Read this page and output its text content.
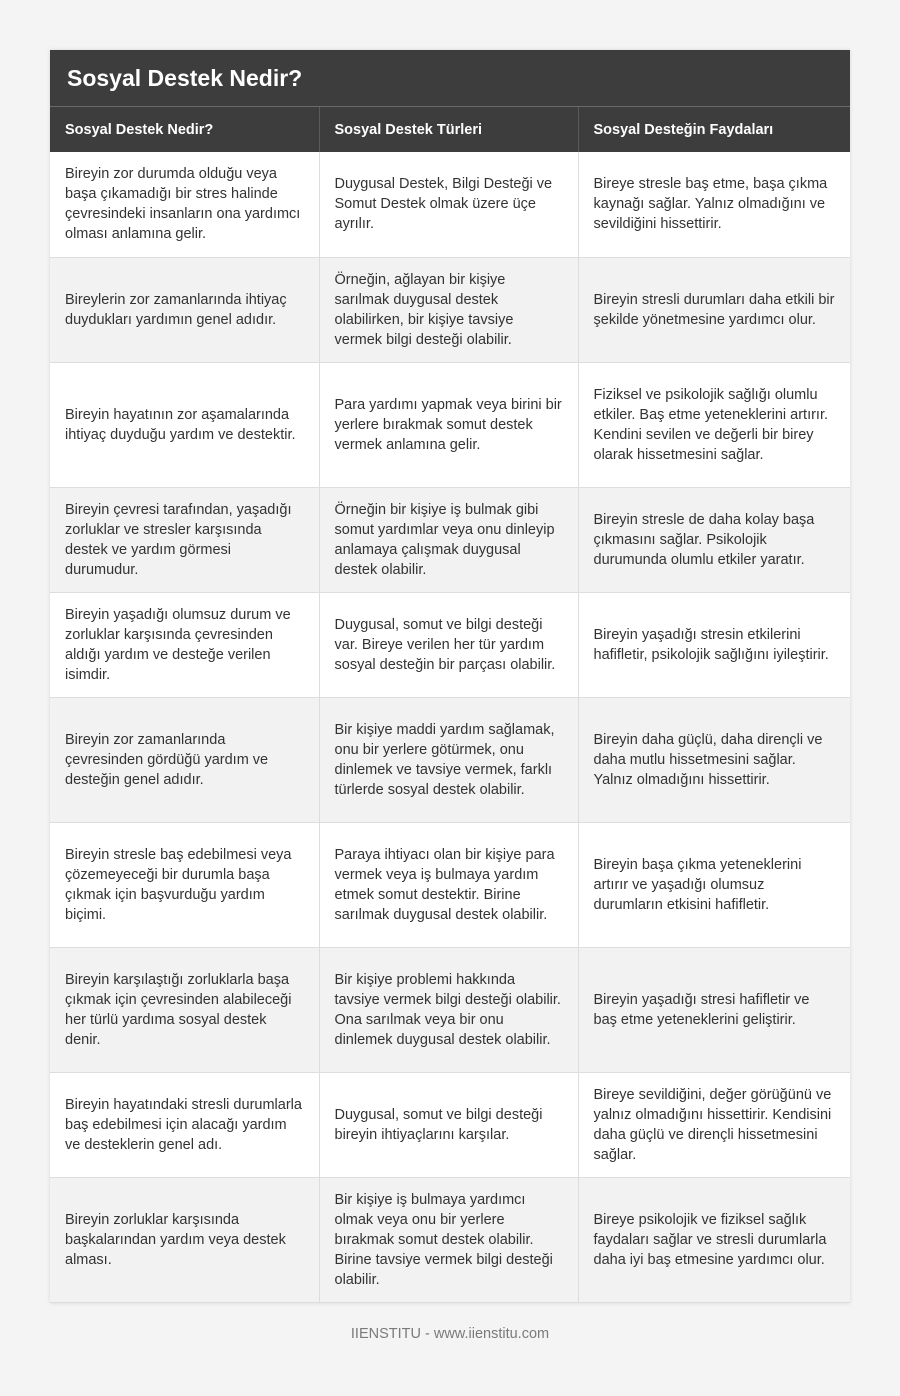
Sosyal Destek Nedir?
Sosyal Destek Nedir?	Sosyal Destek Türleri	Sosyal Desteğin Faydaları
Bireyin zor durumda olduğu veya başa çıkamadığı bir stres halinde çevresindeki insanların ona yardımcı olması anlamına gelir.	Duygusal Destek, Bilgi Desteği ve Somut Destek olmak üzere üçe ayrılır.	Bireye stresle baş etme, başa çıkma kaynağı sağlar. Yalnız olmadığını ve sevildiğini hissettirir.
Bireylerin zor zamanlarında ihtiyaç duydukları yardımın genel adıdır.	Örneğin, ağlayan bir kişiye sarılmak duygusal destek olabilirken, bir kişiye tavsiye vermek bilgi desteği olabilir.	Bireyin stresli durumları daha etkili bir şekilde yönetmesine yardımcı olur.
Bireyin hayatının zor aşamalarında ihtiyaç duyduğu yardım ve destektir.	Para yardımı yapmak veya birini bir yerlere bırakmak somut destek vermek anlamına gelir.	Fiziksel ve psikolojik sağlığı olumlu etkiler. Baş etme yeteneklerini artırır. Kendini sevilen ve değerli bir birey olarak hissetmesini sağlar.
Bireyin çevresi tarafından, yaşadığı zorluklar ve stresler karşısında destek ve yardım görmesi durumudur.	Örneğin bir kişiye iş bulmak gibi somut yardımlar veya onu dinleyip anlamaya çalışmak duygusal destek olabilir.	Bireyin stresle de daha kolay başa çıkmasını sağlar. Psikolojik durumunda olumlu etkiler yaratır.
Bireyin yaşadığı olumsuz durum ve zorluklar karşısında çevresinden aldığı yardım ve desteğe verilen isimdir.	Duygusal, somut ve bilgi desteği var. Bireye verilen her tür yardım sosyal desteğin bir parçası olabilir.	Bireyin yaşadığı stresin etkilerini hafifletir, psikolojik sağlığını iyileştirir.
Bireyin zor zamanlarında çevresinden gördüğü yardım ve desteğin genel adıdır.	Bir kişiye maddi yardım sağlamak, onu bir yerlere götürmek, onu dinlemek ve tavsiye vermek, farklı türlerde sosyal destek olabilir.	Bireyin daha güçlü, daha dirençli ve daha mutlu hissetmesini sağlar. Yalnız olmadığını hissettirir.
Bireyin stresle baş edebilmesi veya çözemeyeceği bir durumla başa çıkmak için başvurduğu yardım biçimi.	Paraya ihtiyacı olan bir kişiye para vermek veya iş bulmaya yardım etmek somut destektir. Birine sarılmak duygusal destek olabilir.	Bireyin başa çıkma yeteneklerini artırır ve yaşadığı olumsuz durumların etkisini hafifletir.
Bireyin karşılaştığı zorluklarla başa çıkmak için çevresinden alabileceği her türlü yardıma sosyal destek denir.	Bir kişiye problemi hakkında tavsiye vermek bilgi desteği olabilir. Ona sarılmak veya bir onu dinlemek duygusal destek olabilir.	Bireyin yaşadığı stresi hafifletir ve baş etme yeteneklerini geliştirir.
Bireyin hayatındaki stresli durumlarla baş edebilmesi için alacağı yardım ve desteklerin genel adı.	Duygusal, somut ve bilgi desteği bireyin ihtiyaçlarını karşılar.	Bireye sevildiğini, değer görüğünü ve yalnız olmadığını hissettirir. Kendisini daha güçlü ve dirençli hissetmesini sağlar.
Bireyin zorluklar karşısında başkalarından yardım veya destek alması.	Bir kişiye iş bulmaya yardımcı olmak veya onu bir yerlere bırakmak somut destek olabilir. Birine tavsiye vermek bilgi desteği olabilir.	Bireye psikolojik ve fiziksel sağlık faydaları sağlar ve stresli durumlarla daha iyi baş etmesine yardımcı olur.
IIENSTITU - www.iienstitu.com
